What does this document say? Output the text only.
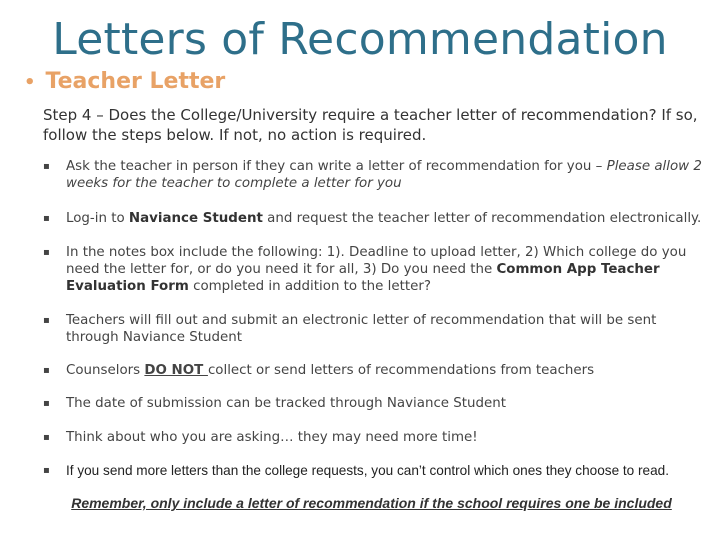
Letters of Recommendation
• Teacher Letter
Step 4 – Does the College/University require a teacher letter of recommendation? If so, follow the steps below. If not, no action is required.
▪ Ask the teacher in person if they can write a letter of recommendation for you – Please allow 2 weeks for the teacher to complete a letter for you
▪ Log-in to Naviance Student and request the teacher letter of recommendation electronically.
▪ In the notes box include the following: 1). Deadline to upload letter, 2) Which college do you need the letter for, or do you need it for all, 3) Do you need the Common App Teacher Evaluation Form completed in addition to the letter?
▪ Teachers will fill out and submit an electronic letter of recommendation that will be sent through Naviance Student
▪ Counselors DO NOT collect or send letters of recommendations from teachers
▪ The date of submission can be tracked through Naviance Student
▪ Think about who you are asking… they may need more time!
▪ If you send more letters than the college requests, you can’t control which ones they choose to read.
Remember, only include a letter of recommendation if the school requires one be included
